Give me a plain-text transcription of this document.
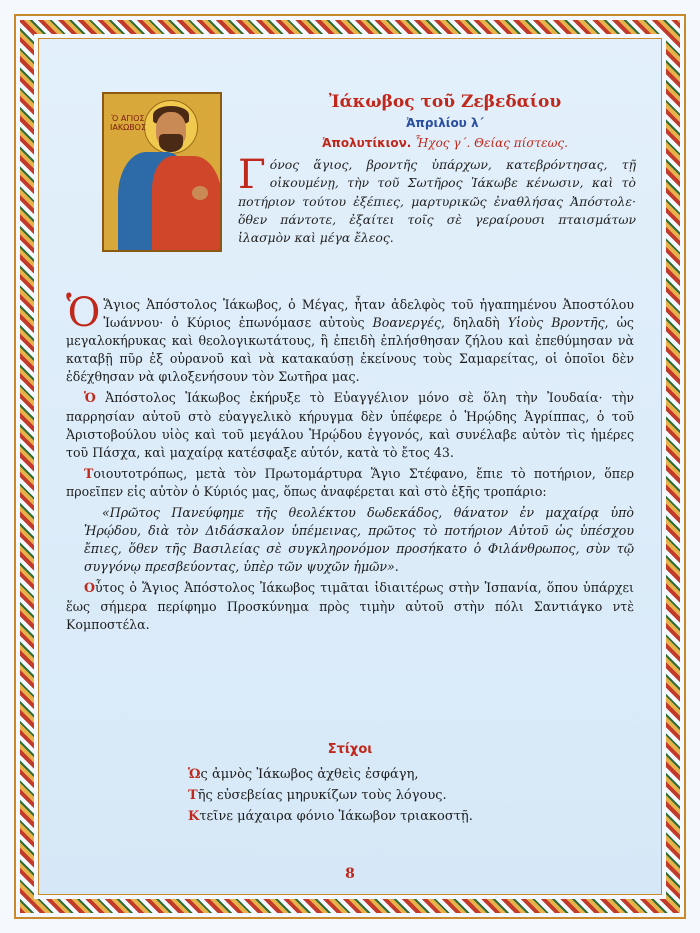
Ὁ ΑΓΙΟΣ ΙΑΚΩΒΟΣ
Ἰάκωβος τοῦ Ζεβεδαίου
Ἀπριλίου λ΄
Ἀπολυτίκιον. Ἦχος γ΄. Θείας πίστεως.
Γόνος ἅγιος, βροντῆς ὑπάρχων, κατεβρόντησας, τῇ οἰκουμένῃ, τὴν τοῦ Σωτῆρος Ἰάκωβε κένωσιν, καὶ τὸ ποτήριον τούτου ἐξέπιες, μαρτυρικῶς ἐναθλήσας Ἀπόστολε· ὅθεν πάντοτε, ἐξαίτει τοῖς σὲ γεραίρουσι πταισμάτων ἱλασμὸν καὶ μέγα ἔλεος.

Ὁ Ἅγιος Ἀπόστολος Ἰάκωβος, ὁ Μέγας, ἦταν ἀδελφὸς τοῦ ἠγαπημένου Ἀποστόλου Ἰωάννου· ὁ Κύριος ἐπωνόμασε αὐτοὺς Βοανεργές, δηλαδὴ Υἱοὺς Βροντῆς, ὡς μεγαλοκήρυκας καὶ θεολογικωτάτους, ἢ ἐπειδὴ ἐπλήσθησαν ζήλου καὶ ἐπεθύμησαν νὰ καταβῇ πῦρ ἐξ οὐρανοῦ καὶ νὰ κατακαύσῃ ἐκείνους τοὺς Σαμαρείτας, οἱ ὁποῖοι δὲν ἐδέχθησαν νὰ φιλοξενήσουν τὸν Σωτῆρα μας.

Ὁ Ἀπόστολος Ἰάκωβος ἐκήρυξε τὸ Εὐαγγέλιον μόνο σὲ ὅλη τὴν Ἰουδαία· τὴν παρρησίαν αὐτοῦ στὸ εὐαγγελικὸ κήρυγμα δὲν ὑπέφερε ὁ Ἡρῴδης Ἀγρίππας, ὁ τοῦ Ἀριστοβούλου υἱὸς καὶ τοῦ μεγάλου Ἡρῴδου ἐγγονός, καὶ συνέλαβε αὐτὸν τὶς ἡμέρες τοῦ Πάσχα, καὶ μαχαίρᾳ κατέσφαξε αὐτόν, κατὰ τὸ ἔτος 43.

Τοιουτοτρόπως, μετὰ τὸν Πρωτομάρτυρα Ἅγιο Στέφανο, ἔπιε τὸ ποτήριον, ὅπερ προεῖπεν εἰς αὐτὸν ὁ Κύριός μας, ὅπως ἀναφέρεται καὶ στὸ ἑξῆς τροπάριο:

«Πρῶτος Πανεύφημε τῆς θεολέκτου δωδεκάδος, θάνατον ἐν μαχαίρᾳ ὑπὸ Ἡρῴδου, διὰ τὸν Διδάσκαλον ὑπέμεινας, πρῶτος τὸ ποτήριον Αὐτοῦ ὡς ὑπέσχου ἔπιες, ὅθεν τῆς Βασιλείας σὲ συγκληρονόμον προσήκατο ὁ Φιλάνθρωπος, σὺν τῷ συγγόνῳ πρεσβεύοντας, ὑπὲρ τῶν ψυχῶν ἡμῶν».

Οὗτος ὁ Ἅγιος Ἀπόστολος Ἰάκωβος τιμᾶται ἰδιαιτέρως στὴν Ἱσπανία, ὅπου ὑπάρχει ἕως σήμερα περίφημο Προσκύνημα πρὸς τιμὴν αὐτοῦ στὴν πόλι Σαντιάγκο ντὲ Κομποστέλα.

Στίχοι
Ὡς ἀμνὸς Ἰάκωβος ἀχθεὶς ἐσφάγη,
Τῆς εὐσεβείας μηρυκίζων τοὺς λόγους.
Κτεῖνε μάχαιρα φόνιο Ἰάκωβον τριακοστῇ.
8
